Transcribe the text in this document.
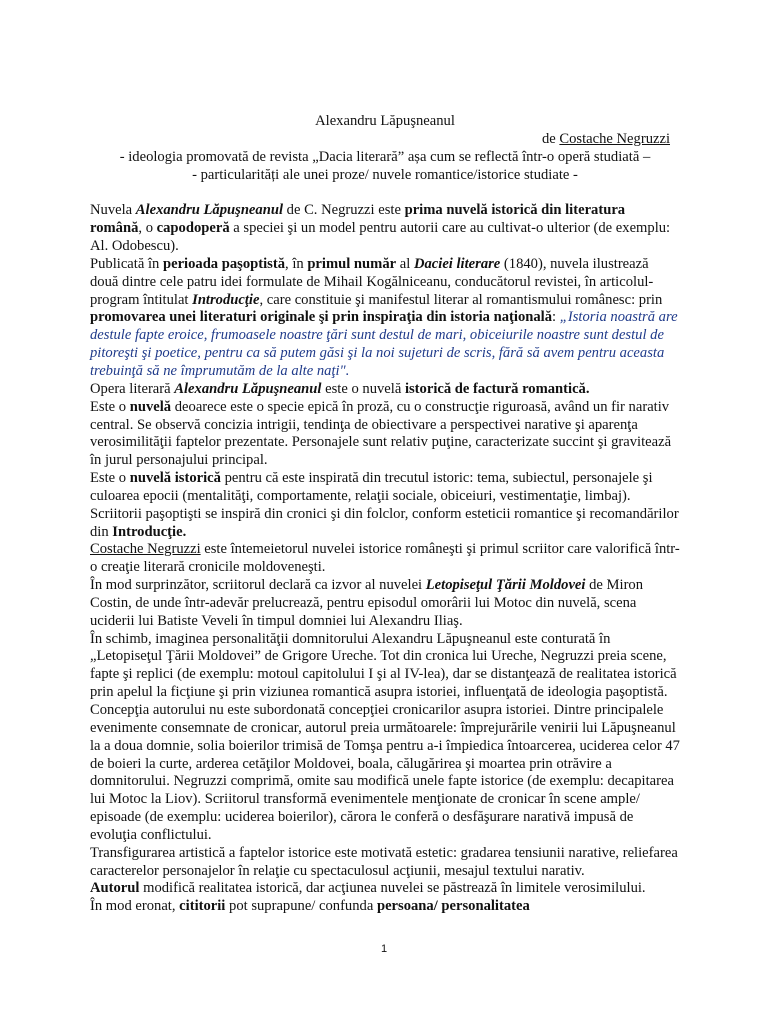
Alexandru Lăpuşneanul
de Costache Negruzzi
- ideologia promovată de revista „Dacia literară” așa cum se reflectă într-o operă studiată –
- particularități ale unei proze/ nuvele romantice/istorice studiate -

Nuvela Alexandru Lăpuşneanul de C. Negruzzi este prima nuvelă istorică din literatura română, o capodoperă a speciei şi un model pentru autorii care au cultivat-o ulterior (de exemplu: Al. Odobescu).

Publicată în perioada paşoptistă, în primul număr al Daciei literare (1840), nuvela ilustrează două dintre cele patru idei formulate de Mihail Kogălniceanu, conducătorul revistei, în articolul-program întitulat Introducţie, care constituie şi manifestul literar al romantismului românesc: prin promovarea unei literaturi originale şi prin inspiraţia din istoria naţională: „Istoria noastră are destule fapte eroice, frumoasele noastre ţări sunt destul de mari, obiceiurile noastre sunt destul de pitoreşti şi poetice, pentru ca să putem găsi şi la noi sujeturi de scris, fără să avem pentru aceasta trebuinţă să ne împrumutăm de la alte naţi".

Opera literară Alexandru Lăpuşneanul este o nuvelă istorică de factură romantică.

Este o nuvelă deoarece este o specie epică în proză, cu o construcţie riguroasă, având un fir narativ central. Se observă concizia intrigii, tendinţa de obiectivare a perspectivei narative şi aparenţa verosimilităţii faptelor prezentate. Personajele sunt relativ puţine, caracterizate succint şi gravitează în jurul personajului principal.

Este o nuvelă istorică pentru că este inspirată din trecutul istoric: tema, subiectul, personajele şi culoarea epocii (mentalităţi, comportamente, relaţii sociale, obiceiuri, vestimentaţie, limbaj). Scriitorii paşoptişti se inspiră din cronici şi din folclor, conform esteticii romantice şi recomandărilor din Introducţie.

Costache Negruzzi este întemeietorul nuvelei istorice româneşti şi primul scriitor care valorifică într-o creaţie literară cronicile moldoveneşti.

În mod surprinzător, scriitorul declară ca izvor al nuvelei Letopiseţul Ţării Moldovei de Miron Costin, de unde într-adevăr prelucrează, pentru episodul omorârii lui Motoc din nuvelă, scena uciderii lui Batiste Veveli în timpul domniei lui Alexandru Iliaş.

În schimb, imaginea personalităţii domnitorului Alexandru Lăpuşneanul este conturată în „Letopiseţul Ţării Moldovei” de Grigore Ureche. Tot din cronica lui Ureche, Negruzzi preia scene, fapte şi replici (de exemplu: motoul capitolului I şi al IV-lea), dar se distanţează de realitatea istorică prin apelul la ficţiune şi prin viziunea romantică asupra istoriei, influenţată de ideologia paşoptistă. Concepţia autorului nu este subordonată concepţiei cronicarilor asupra istoriei. Dintre principalele evenimente consemnate de cronicar, autorul preia următoarele: împrejurările venirii lui Lăpuşneanul la a doua domnie, solia boierilor trimisă de Tomşa pentru a-i împiedica întoarcerea, uciderea celor 47 de boieri la curte, arderea cetăţilor Moldovei, boala, călugărirea şi moartea prin otrăvire a domnitorului. Negruzzi comprimă, omite sau modifică unele fapte istorice (de exemplu: decapitarea lui Motoc la Liov). Scriitorul transformă evenimentele menţionate de cronicar în scene ample/ episoade (de exemplu: uciderea boierilor), cărora le conferă o desfăşurare narativă impusă de evoluţia conflictului.

Transfigurarea artistică a faptelor istorice este motivată estetic: gradarea tensiunii narative, reliefarea caracterelor personajelor în relaţie cu spectaculosul acţiunii, mesajul textului narativ.

Autorul modifică realitatea istorică, dar acţiunea nuvelei se păstrează în limitele verosimilului.

În mod eronat, cititorii pot suprapune/ confunda persoana/ personalitatea

1
